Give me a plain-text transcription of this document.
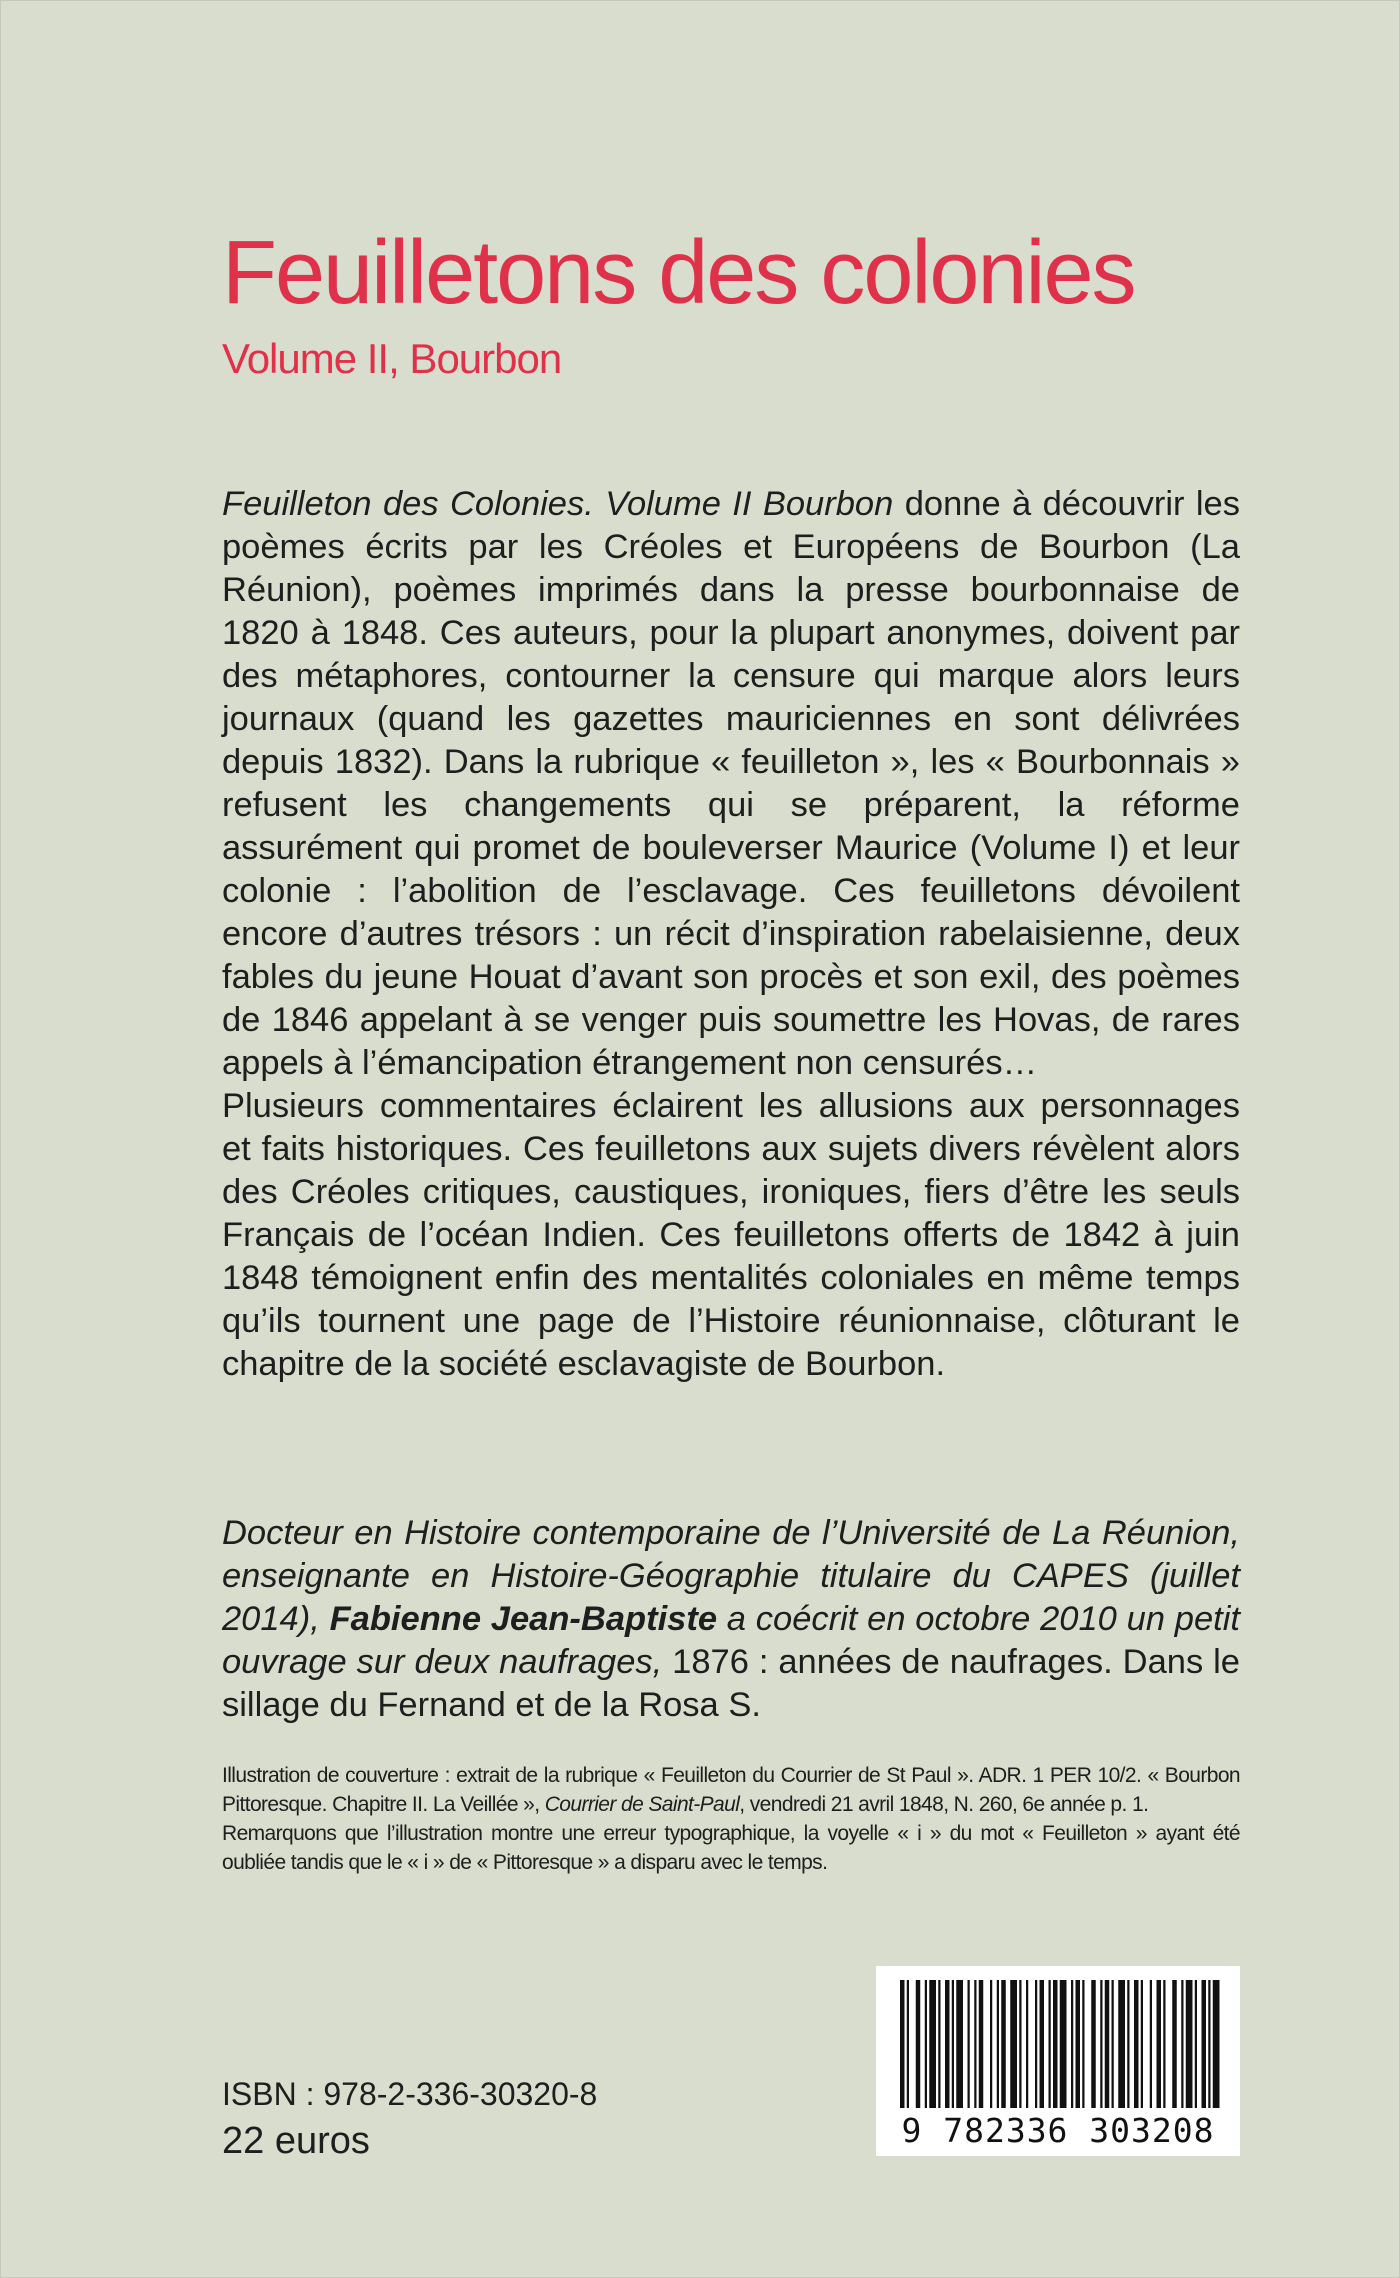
Feuilletons des colonies
Volume II, Bourbon

Feuilleton des Colonies. Volume II Bourbon donne à découvrir les poèmes écrits par les Créoles et Européens de Bourbon (La Réunion), poèmes imprimés dans la presse bourbonnaise de 1820 à 1848. Ces auteurs, pour la plupart anonymes, doivent par des métaphores, contourner la censure qui marque alors leurs journaux (quand les gazettes mauriciennes en sont délivrées depuis 1832). Dans la rubrique « feuilleton », les « Bourbonnais » refusent les changements qui se préparent, la réforme assurément qui promet de bouleverser Maurice (Volume I) et leur colonie : l’abolition de l’esclavage. Ces feuilletons dévoilent encore d’autres trésors : un récit d’inspiration rabelaisienne, deux fables du jeune Houat d’avant son procès et son exil, des poèmes de 1846 appelant à se venger puis soumettre les Hovas, de rares appels à l’émancipation étrangement non censurés…

Plusieurs commentaires éclairent les allusions aux personnages et faits historiques. Ces feuilletons aux sujets divers révèlent alors des Créoles critiques, caustiques, ironiques, fiers d’être les seuls Français de l’océan Indien. Ces feuilletons offerts de 1842 à juin 1848 témoignent enfin des mentalités coloniales en même temps qu’ils tournent une page de l’Histoire réunionnaise, clôturant le chapitre de la société esclavagiste de Bourbon.

Docteur en Histoire contemporaine de l’Université de La Réunion, enseignante en Histoire-Géographie titulaire du CAPES (juillet 2014), Fabienne Jean-Baptiste a coécrit en octobre 2010 un petit ouvrage sur deux naufrages, 1876 : années de naufrages. Dans le sillage du Fernand et de la Rosa S.

Illustration de couverture : extrait de la rubrique « Feuilleton du Courrier de St Paul ». ADR. 1 PER 10/2. « Bourbon Pittoresque. Chapitre II. La Veillée », Courrier de Saint-Paul, vendredi 21 avril 1848, N. 260, 6e année p. 1.

Remarquons que l’illustration montre une erreur typographique, la voyelle « i » du mot « Feuilleton » ayant été oubliée tandis que le « i » de « Pittoresque » a disparu avec le temps.

ISBN : 978-2-336-30320-8
22 euros	9 782336 303208
